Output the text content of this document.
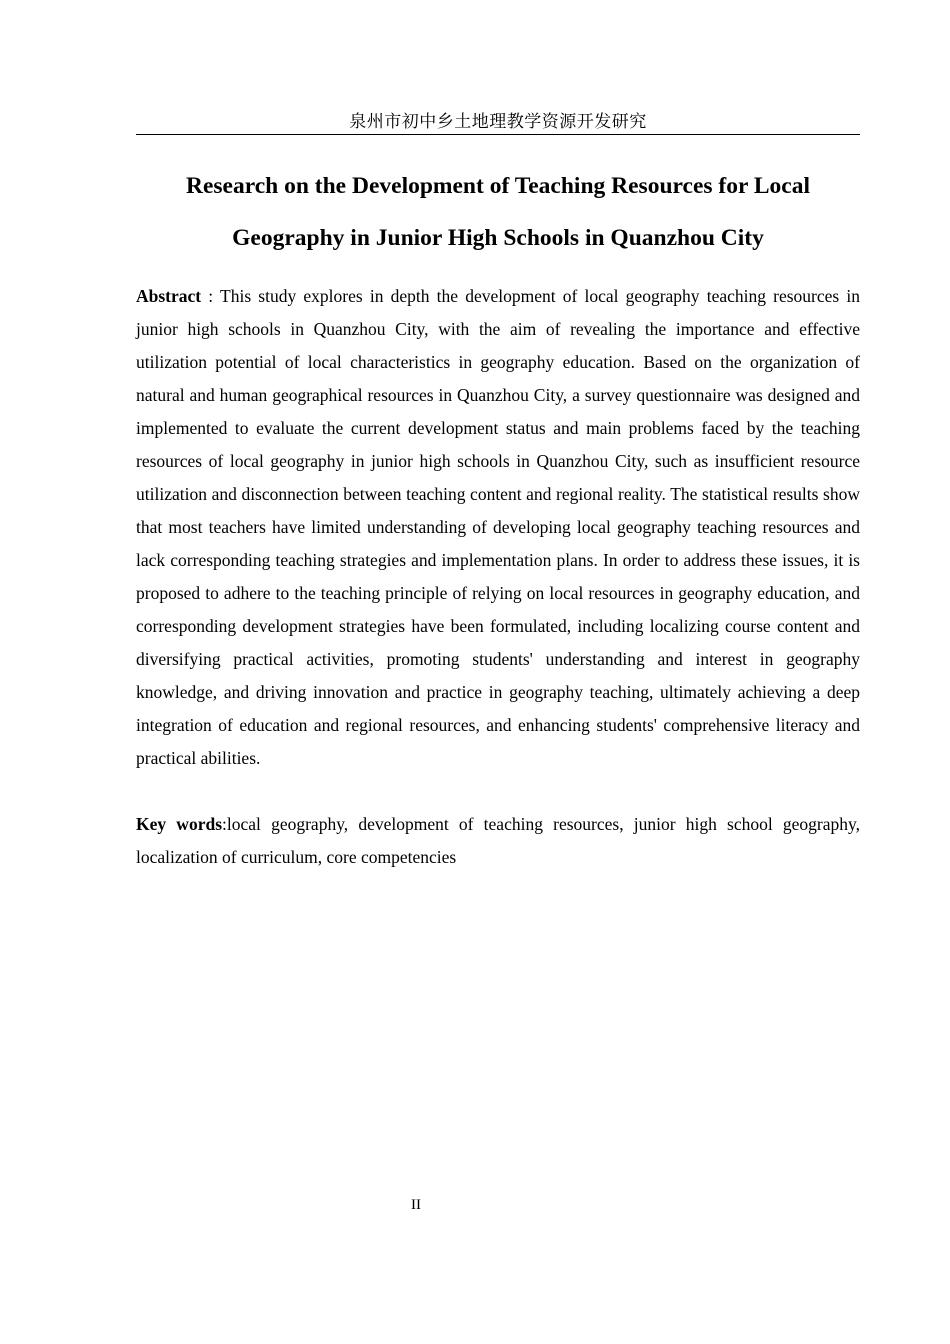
泉州市初中乡土地理教学资源开发研究
Research on the Development of Teaching Resources for Local
Geography in Junior High Schools in Quanzhou City

Abstract : This study explores in depth the development of local geography teaching resources in junior high schools in Quanzhou City, with the aim of revealing the importance and effective utilization potential of local characteristics in geography education. Based on the organization of natural and human geographical resources in Quanzhou City, a survey questionnaire was designed and implemented to evaluate the current development status and main problems faced by the teaching resources of local geography in junior high schools in Quanzhou City, such as insufficient resource utilization and disconnection between teaching content and regional reality. The statistical results show that most teachers have limited understanding of developing local geography teaching resources and lack corresponding teaching strategies and implementation plans. In order to address these issues, it is proposed to adhere to the teaching principle of relying on local resources in geography education, and corresponding development strategies have been formulated, including localizing course content and diversifying practical activities, promoting students' understanding and interest in geography knowledge, and driving innovation and practice in geography teaching, ultimately achieving a deep integration of education and regional resources, and enhancing students' comprehensive literacy and practical abilities.

Key words:local geography, development of teaching resources, junior high school geography, localization of curriculum, core competencies

II
